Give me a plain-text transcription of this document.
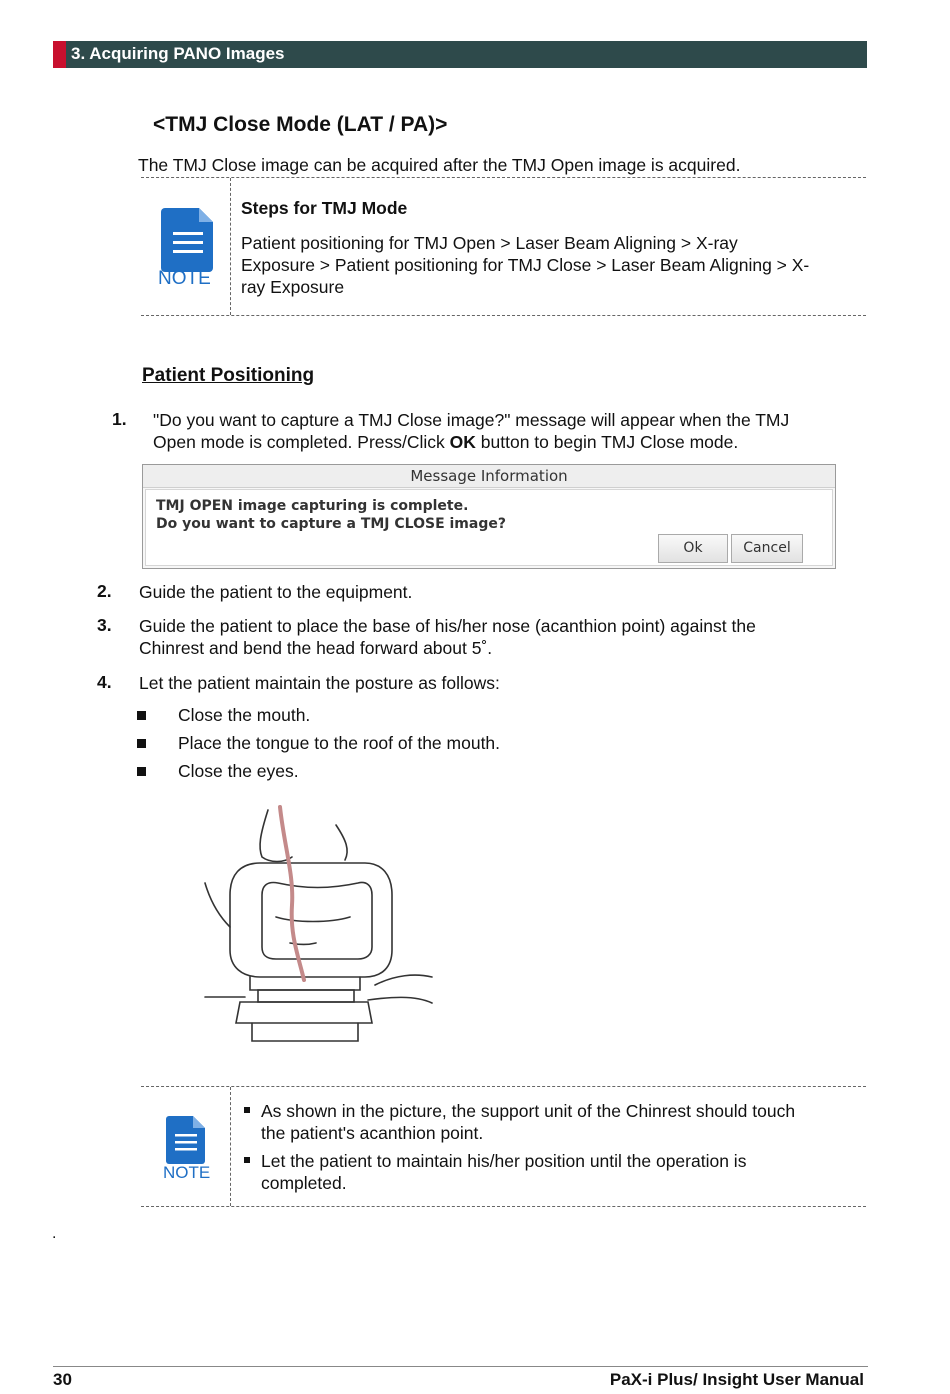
3. Acquiring PANO Images
<TMJ Close Mode (LAT / PA)>
The TMJ Close image can be acquired after the TMJ Open image is acquired.
NOTE
Steps for TMJ Mode
Patient positioning for TMJ Open > Laser Beam Aligning > X-ray
Exposure > Patient positioning for TMJ Close > Laser Beam Aligning > X-
ray Exposure
Patient Positioning
1. "Do you want to capture a TMJ Close image?" message will appear when the TMJ
Open mode is completed. Press/Click OK button to begin TMJ Close mode.
Message Information
TMJ OPEN image capturing is complete.
Do you want to capture a TMJ CLOSE image?
Ok	Cancel
2. Guide the patient to the equipment.
3. Guide the patient to place the base of his/her nose (acanthion point) against the
Chinrest and bend the head forward about 5˚.
4. Let the patient maintain the posture as follows:
Close the mouth.
Place the tongue to the roof of the mouth.
Close the eyes.
NOTE
As shown in the picture, the support unit of the Chinrest should touch
the patient's acanthion point.
Let the patient to maintain his/her position until the operation is
completed.
.
30	PaX-i Plus/ Insight User Manual
